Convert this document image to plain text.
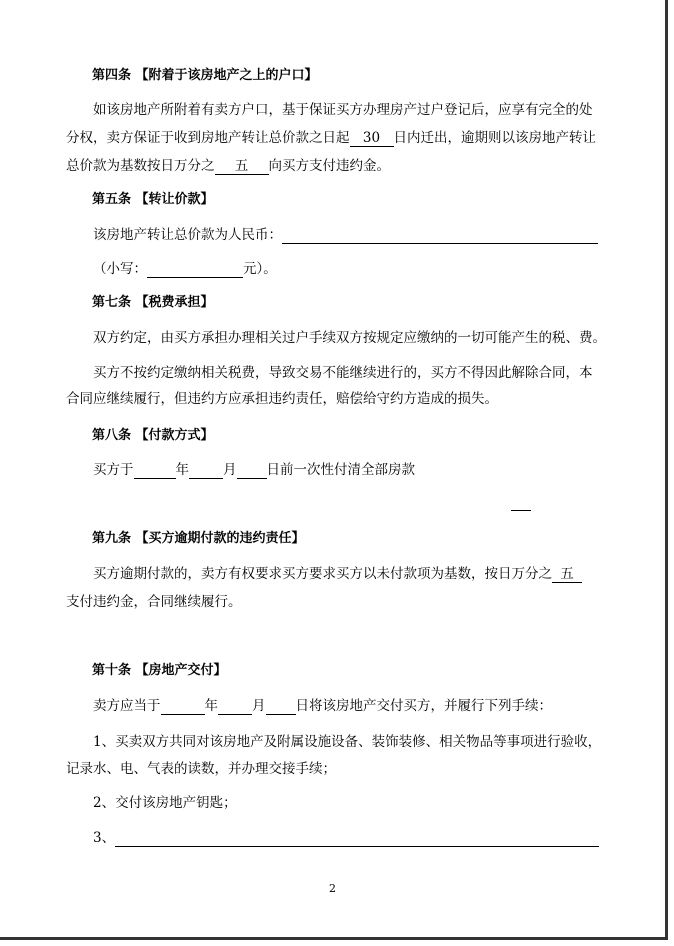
第四条 【附着于该房地产之上的户口】
如该房地产所附着有卖方户口，基于保证买方办理房产过户登记后，应享有完全的处
分权，卖方保证于收到房地产转让总价款之日起 30 日内迁出，逾期则以该房地产转让
总价款为基数按日万分之 五 向买方支付违约金。
第五条 【转让价款】
该房地产转让总价款为人民币：
（小写：	元）。
第七条 【税费承担】
双方约定，由买方承担办理相关过户手续双方按规定应缴纳的一切可能产生的税、费。
买方不按约定缴纳相关税费，导致交易不能继续进行的，买方不得因此解除合同，本
合同应继续履行，但违约方应承担违约责任，赔偿给守约方造成的损失。
第八条 【付款方式】
买方于	年	月 日前一次性付清全部房款
第九条 【买方逾期付款的违约责任】
买方逾期付款的，卖方有权要求买方要求买方以未付款项为基数，按日万分之 五
支付违约金，合同继续履行。
第十条 【房地产交付】
卖方应当于	年	月 日将该房地产交付买方，并履行下列手续：
1、买卖双方共同对该房地产及附属设施设备、装饰装修、相关物品等事项进行验收，
记录水、电、气表的读数，并办理交接手续；
2、交付该房地产钥匙；
3、
2
